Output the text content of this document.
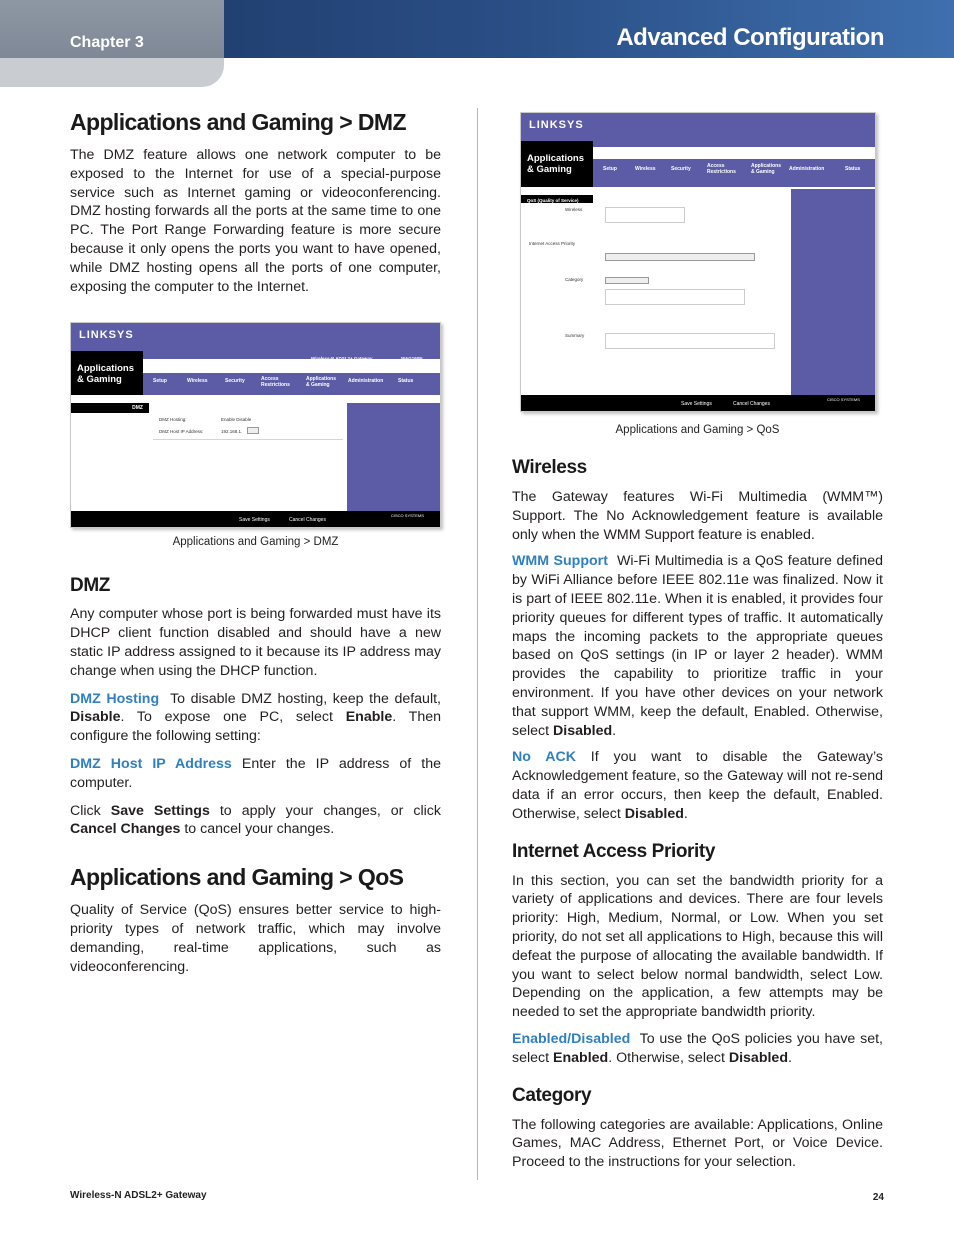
Chapter 3	Advanced Configuration
Applications and Gaming > DMZ

The DMZ feature allows one network computer to be exposed to the Internet for use of a special-purpose service such as Internet gaming or videoconferencing. DMZ hosting forwards all the ports at the same time to one PC. The Port Range Forwarding feature is more secure because it only opens the ports you want to have opened, while DMZ hosting opens all the ports of one computer, exposing the computer to the Internet.

LINKSYS
Applications & Gaming
Wireless-N ADSL2+ Gateway	WAG160N
Setup	Wireless	Security	Access Restrictions
Applications & Gaming
Administration	Status
DMZ
DMZ Hosting:	Enable Disable
DMZ Host IP Address:	192.168.1.
Save Settings	Cancel Changes
CISCO SYSTEMS
Applications and Gaming > DMZ
DMZ

Any computer whose port is being forwarded must have its DHCP client function disabled and should have a new static IP address assigned to it because its IP address may change when using the DHCP function.

DMZ Hosting To disable DMZ hosting, keep the default, Disable. To expose one PC, select Enable. Then configure the following setting:

DMZ Host IP Address Enter the IP address of the computer.

Click Save Settings to apply your changes, or click Cancel Changes to cancel your changes.

Applications and Gaming > QoS

Quality of Service (QoS) ensures better service to high-priority types of network traffic, which may involve demanding, real-time applications, such as videoconferencing.

LINKSYS
Applications & Gaming
Wireless-N ADSL2+ Gateway	WAG160N
Setup	Wireless	Security	Access Restrictions
Applications & Gaming	Administration	Status
QoS (Quality of Service)
Wireless
Internet Access Priority
Category
Summary
Save Settings	Cancel Changes
CISCO SYSTEMS
Applications and Gaming > QoS
Wireless

The Gateway features Wi-Fi Multimedia (WMM™) Support. The No Acknowledgement feature is available only when the WMM Support feature is enabled.

WMM Support Wi-Fi Multimedia is a QoS feature defined by WiFi Alliance before IEEE 802.11e was finalized. Now it is part of IEEE 802.11e. When it is enabled, it provides four priority queues for different types of traffic. It automatically maps the incoming packets to the appropriate queues based on QoS settings (in IP or layer 2 header). WMM provides the capability to prioritize traffic in your environment. If you have other devices on your network that support WMM, keep the default, Enabled. Otherwise, select Disabled.

No ACK If you want to disable the Gateway’s Acknowledgement feature, so the Gateway will not re-send data if an error occurs, then keep the default, Enabled. Otherwise, select Disabled.

Internet Access Priority

In this section, you can set the bandwidth priority for a variety of applications and devices. There are four levels priority: High, Medium, Normal, or Low. When you set priority, do not set all applications to High, because this will defeat the purpose of allocating the available bandwidth. If you want to select below normal bandwidth, select Low. Depending on the application, a few attempts may be needed to set the appropriate bandwidth priority.

Enabled/Disabled To use the QoS policies you have set, select Enabled. Otherwise, select Disabled.

Category

The following categories are available: Applications, Online Games, MAC Address, Ethernet Port, or Voice Device. Proceed to the instructions for your selection.

Wireless-N ADSL2+ Gateway	24
